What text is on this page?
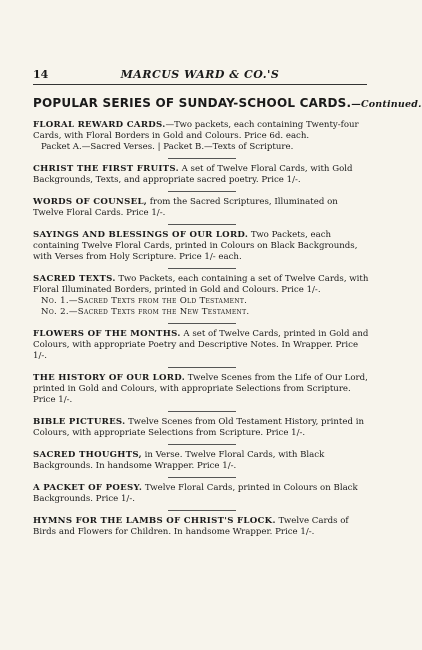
14	MARCUS WARD & CO.'S
POPULAR SERIES OF SUNDAY-SCHOOL CARDS.—Continued.

FLORAL REWARD CARDS.—Two packets, each containing Twenty-four Cards, with Floral Borders in Gold and Colours. Price 6d. each.
Packet A.—Sacred Verses. | Packet B.—Texts of Scripture.

CHRIST THE FIRST FRUITS. A set of Twelve Floral Cards, with Gold Backgrounds, Texts, and appropriate sacred poetry. Price 1/-.

WORDS OF COUNSEL, from the Sacred Scriptures, Illuminated on Twelve Floral Cards. Price 1/-.

SAYINGS AND BLESSINGS OF OUR LORD. Two Packets, each containing Twelve Floral Cards, printed in Colours on Black Backgrounds, with Verses from Holy Scripture. Price 1/- each.

SACRED TEXTS. Two Packets, each containing a set of Twelve Cards, with Floral Illuminated Borders, printed in Gold and Colours. Price 1/-.
No. 1.—Sacred Texts from the Old Testament.
No. 2.—Sacred Texts from the New Testament.

FLOWERS OF THE MONTHS. A set of Twelve Cards, printed in Gold and Colours, with appropriate Poetry and Descriptive Notes. In Wrapper. Price 1/-.

THE HISTORY OF OUR LORD. Twelve Scenes from the Life of Our Lord, printed in Gold and Colours, with appropriate Selections from Scripture. Price 1/-.

BIBLE PICTURES. Twelve Scenes from Old Testament History, printed in Colours, with appropriate Selections from Scripture. Price 1/-.

SACRED THOUGHTS, in Verse. Twelve Floral Cards, with Black Backgrounds. In handsome Wrapper. Price 1/-.

A PACKET OF POESY. Twelve Floral Cards, printed in Colours on Black Backgrounds. Price 1/-.

HYMNS FOR THE LAMBS OF CHRIST'S FLOCK. Twelve Cards of Birds and Flowers for Children. In handsome Wrapper. Price 1/-.
